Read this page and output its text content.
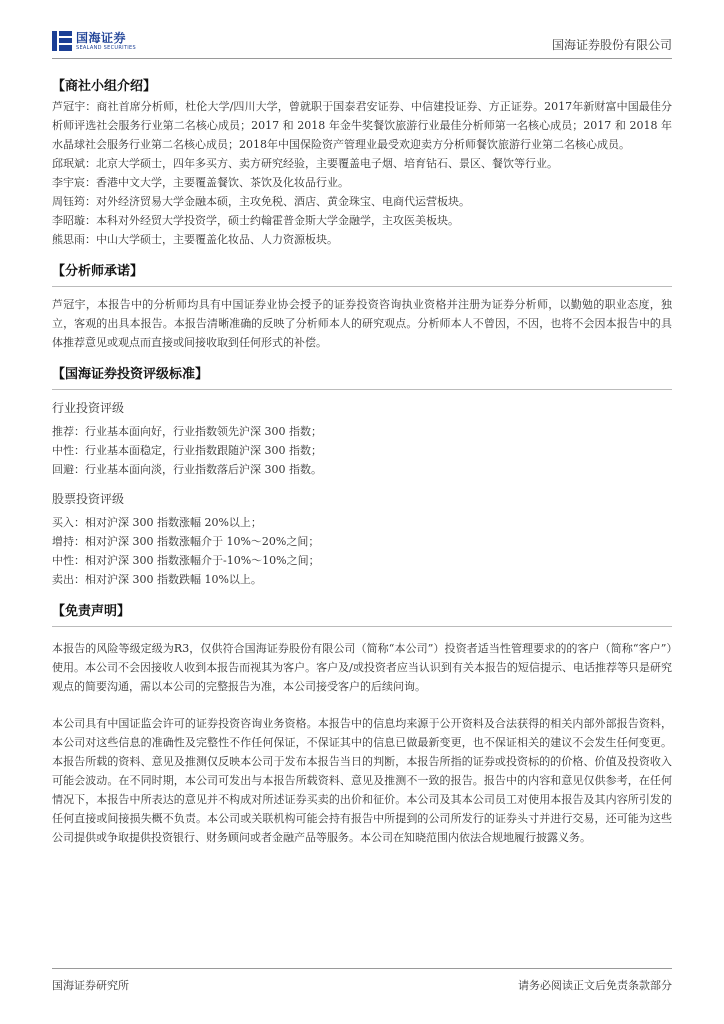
国海证券
SEALAND SECURITIES	国海证券股份有限公司
【商社小组介绍】

芦冠宇：商社首席分析师，杜伦大学/四川大学，曾就职于国泰君安证券、中信建投证券、方正证券。2017年新财富中国最佳分析师评选社会服务行业第二名核心成员；2017 和 2018 年金牛奖餐饮旅游行业最佳分析师第一名核心成员；2017 和 2018 年水晶球社会服务行业第二名核心成员；2018年中国保险资产管理业最受欢迎卖方分析师餐饮旅游行业第二名核心成员。

邱珉斌：北京大学硕士，四年多买方、卖方研究经验，主要覆盖电子烟、培育钻石、景区、餐饮等行业。

李宇宸：香港中文大学，主要覆盖餐饮、茶饮及化妆品行业。

周钰筠：对外经济贸易大学金融本硕，主攻免税、酒店、黄金珠宝、电商代运营板块。

李昭璇：本科对外经贸大学投资学，硕士约翰霍普金斯大学金融学，主攻医美板块。

熊思雨：中山大学硕士，主要覆盖化妆品、人力资源板块。

【分析师承诺】

芦冠宇，本报告中的分析师均具有中国证券业协会授予的证券投资咨询执业资格并注册为证券分析师，以勤勉的职业态度，独立，客观的出具本报告。本报告清晰准确的反映了分析师本人的研究观点。分析师本人不曾因，不因，也将不会因本报告中的具体推荐意见或观点而直接或间接收取到任何形式的补偿。

【国海证券投资评级标准】

行业投资评级

推荐：行业基本面向好，行业指数领先沪深 300 指数；

中性：行业基本面稳定，行业指数跟随沪深 300 指数；

回避：行业基本面向淡，行业指数落后沪深 300 指数。

股票投资评级

买入：相对沪深 300 指数涨幅 20%以上；

增持：相对沪深 300 指数涨幅介于 10%～20%之间；

中性：相对沪深 300 指数涨幅介于-10%～10%之间；

卖出：相对沪深 300 指数跌幅 10%以上。

【免责声明】

本报告的风险等级定级为R3，仅供符合国海证券股份有限公司（简称“本公司”）投资者适当性管理要求的的客户（简称“客户”）使用。本公司不会因接收人收到本报告而视其为客户。客户及/或投资者应当认识到有关本报告的短信提示、电话推荐等只是研究观点的简要沟通，需以本公司的完整报告为准，本公司接受客户的后续问询。

本公司具有中国证监会许可的证券投资咨询业务资格。本报告中的信息均来源于公开资料及合法获得的相关内部外部报告资料，本公司对这些信息的准确性及完整性不作任何保证，不保证其中的信息已做最新变更，也不保证相关的建议不会发生任何变更。本报告所载的资料、意见及推测仅反映本公司于发布本报告当日的判断，本报告所指的证券或投资标的的价格、价值及投资收入可能会波动。在不同时期，本公司可发出与本报告所载资料、意见及推测不一致的报告。报告中的内容和意见仅供参考，在任何情况下，本报告中所表达的意见并不构成对所述证券买卖的出价和征价。本公司及其本公司员工对使用本报告及其内容所引发的任何直接或间接损失概不负责。本公司或关联机构可能会持有报告中所提到的公司所发行的证券头寸并进行交易，还可能为这些公司提供或争取提供投资银行、财务顾问或者金融产品等服务。本公司在知晓范围内依法合规地履行披露义务。

国海证券研究所	请务必阅读正文后免责条款部分
